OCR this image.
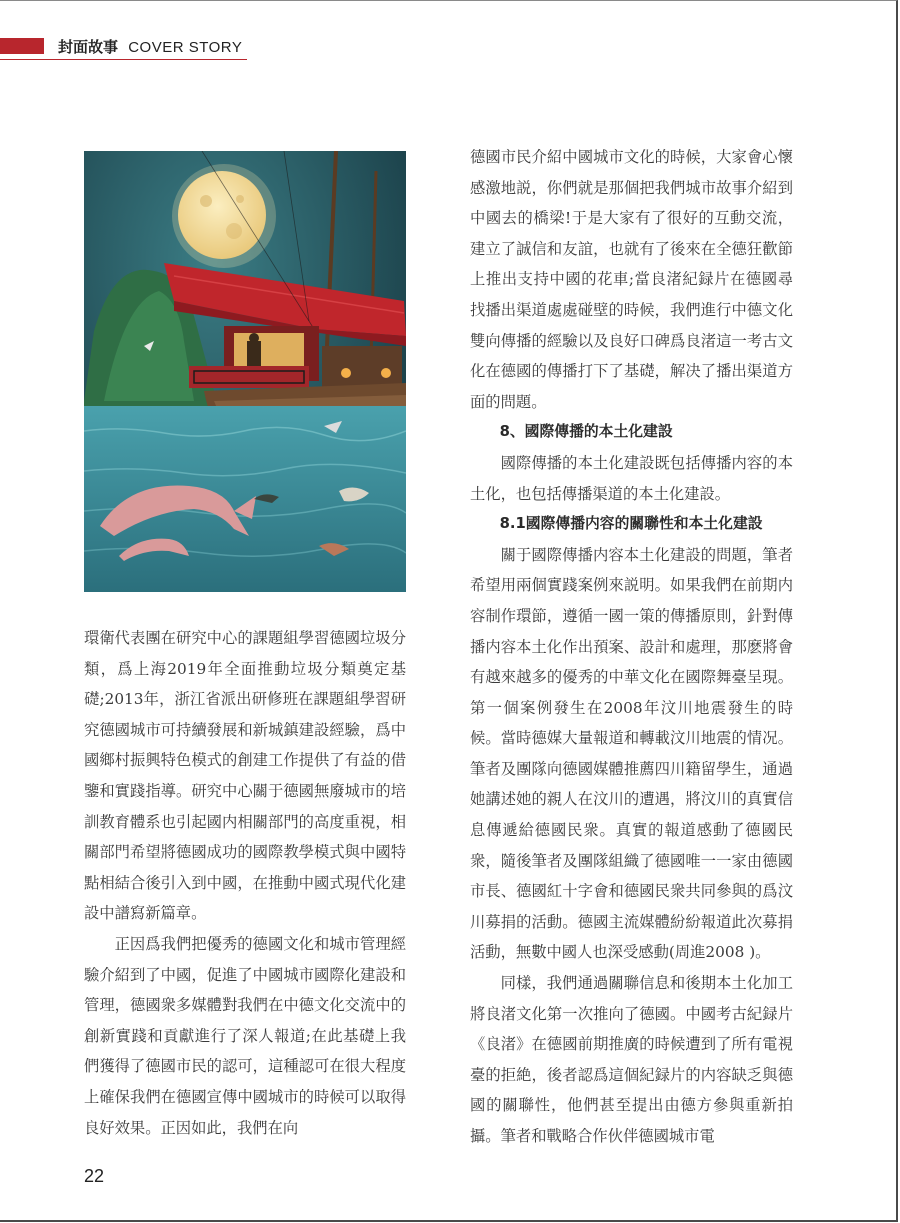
封面故事 COVER STORY

環衛代表團在研究中心的課題組學習德國垃圾分類，爲上海2019年全面推動垃圾分類奠定基礎;2013年，浙江省派出研修班在課題組學習研究德國城市可持續發展和新城鎮建設經驗，爲中國鄉村振興特色模式的創建工作提供了有益的借鑒和實踐指導。研究中心關于德國無廢城市的培訓教育體系也引起國内相關部門的高度重視，相關部門希望將德國成功的國際教學模式與中國特點相結合後引入到中國，在推動中國式現代化建設中譜寫新篇章。

正因爲我們把優秀的德國文化和城市管理經驗介紹到了中國，促進了中國城市國際化建設和管理，德國衆多媒體對我們在中德文化交流中的創新實踐和貢獻進行了深人報道;在此基礎上我們獲得了德國市民的認可，這種認可在很大程度上確保我們在德國宣傳中國城市的時候可以取得良好效果。正因如此，我們在向

德國市民介紹中國城市文化的時候，大家會心懷感激地説，你們就是那個把我們城市故事介紹到中國去的橋梁!于是大家有了很好的互動交流，建立了誠信和友誼，也就有了後來在全德狂歡節上推出支持中國的花車;當良渚紀録片在德國尋找播出渠道處處碰壁的時候，我們進行中德文化雙向傳播的經驗以及良好口碑爲良渚這一考古文化在德國的傳播打下了基礎，解决了播出渠道方面的問題。

8、國際傳播的本土化建設

國際傳播的本土化建設既包括傳播内容的本土化，也包括傳播渠道的本土化建設。

8.1國際傳播内容的關聯性和本土化建設

關于國際傳播内容本土化建設的問題，筆者希望用兩個實踐案例來説明。如果我們在前期内容制作環節，遵循一國一策的傳播原則，針對傳播内容本土化作出預案、設計和處理，那麽將會有越來越多的優秀的中華文化在國際舞臺呈現。第一個案例發生在2008年汶川地震發生的時候。當時德媒大量報道和轉載汶川地震的情况。筆者及團隊向德國媒體推薦四川籍留學生，通過她講述她的親人在汶川的遭遇，將汶川的真實信息傳遞給德國民衆。真實的報道感動了德國民衆，隨後筆者及團隊組織了德國唯一一家由德國市長、德國紅十字會和德國民衆共同參與的爲汶川募捐的活動。德國主流媒體紛紛報道此次募捐活動，無數中國人也深受感動(周進2008 )。

同樣，我們通過關聯信息和後期本土化加工將良渚文化第一次推向了德國。中國考古紀録片《良渚》在德國前期推廣的時候遭到了所有電視臺的拒絶，後者認爲這個紀録片的内容缺乏與德國的關聯性，他們甚至提出由德方參與重新拍攝。筆者和戰略合作伙伴德國城市電

22
